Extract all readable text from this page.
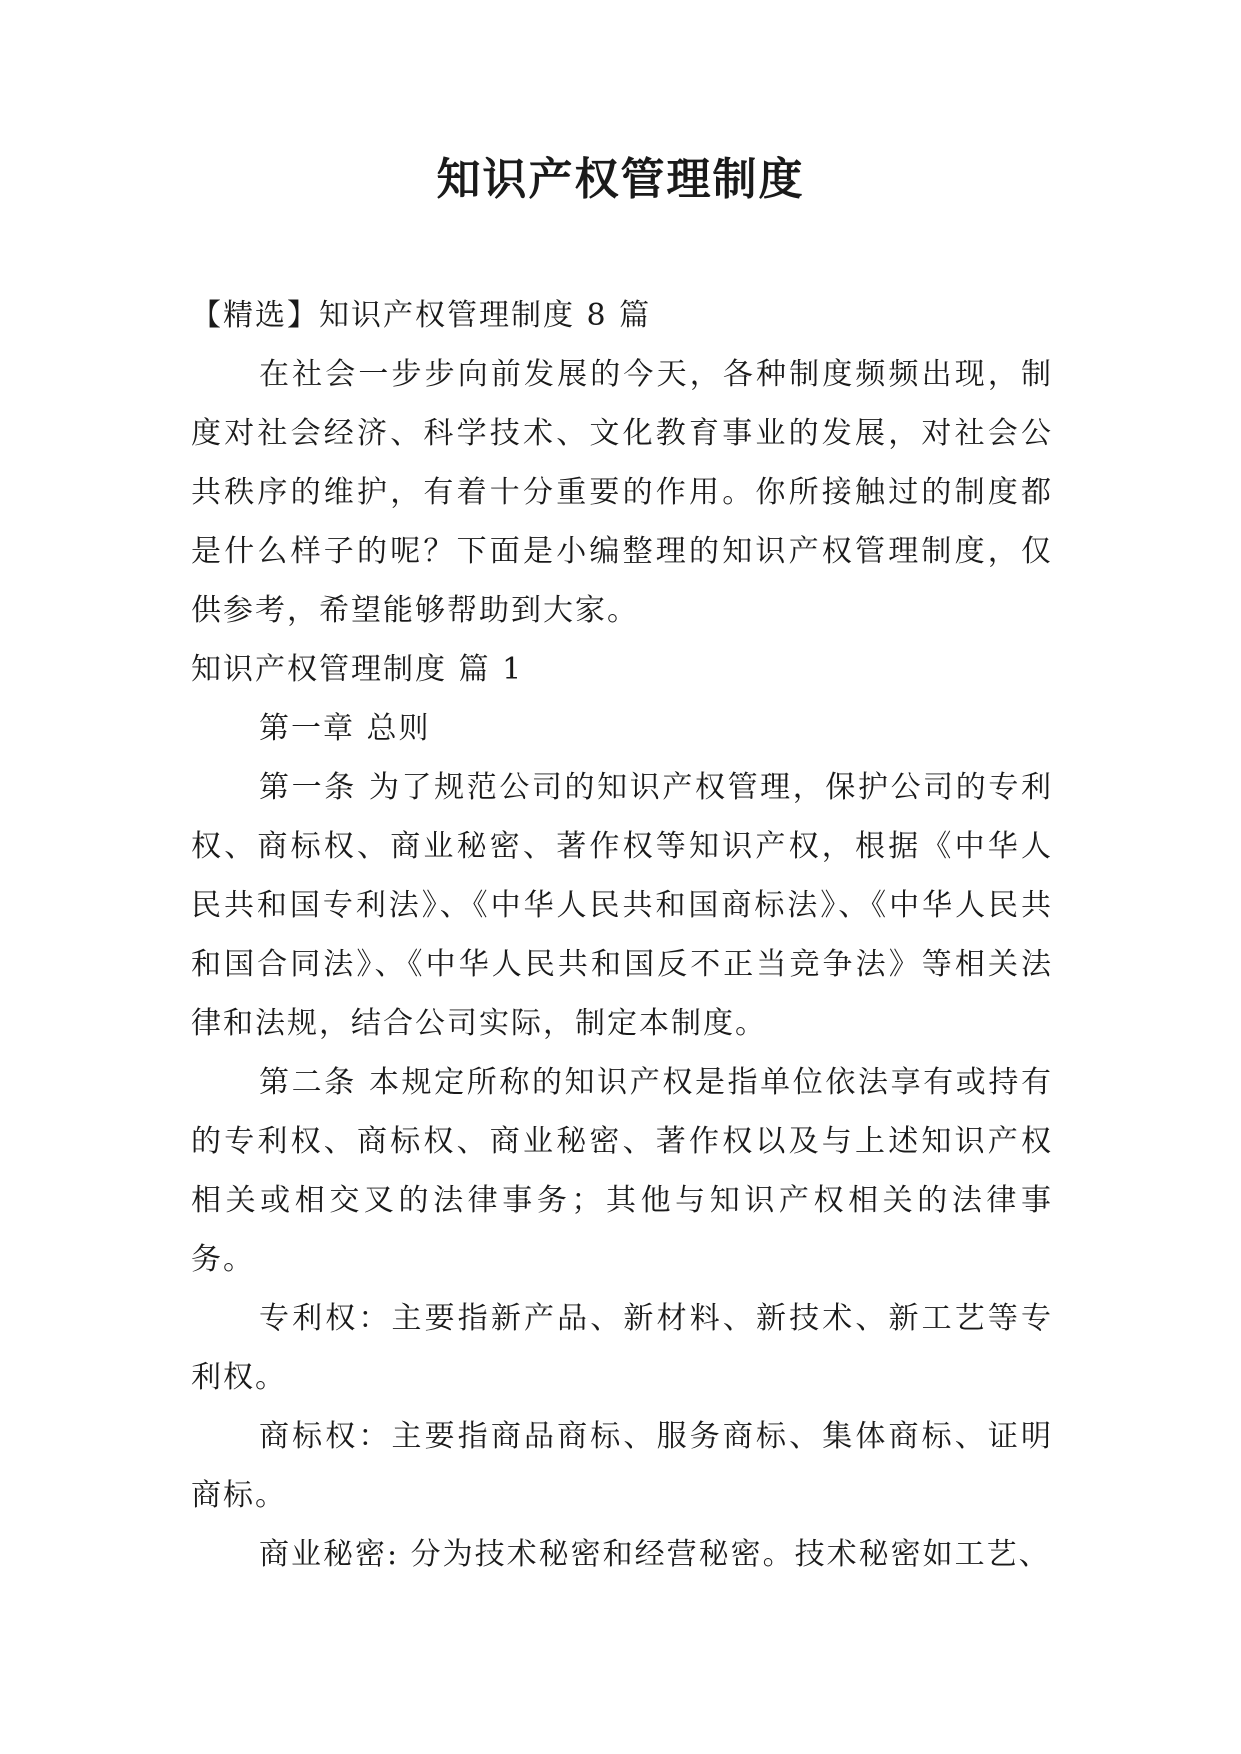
知识产权管理制度

【精选】知识产权管理制度 8 篇

在社会一步步向前发展的今天，各种制度频频出现，制度对社会经济、科学技术、文化教育事业的发展，对社会公共秩序的维护，有着十分重要的作用。你所接触过的制度都是什么样子的呢？下面是小编整理的知识产权管理制度，仅供参考，希望能够帮助到大家。

知识产权管理制度 篇 1

第一章 总则

第一条 为了规范公司的知识产权管理，保护公司的专利权、商标权、商业秘密、著作权等知识产权，根据《中华人民共和国专利法》、《中华人民共和国商标法》、《中华人民共和国合同法》、《中华人民共和国反不正当竞争法》等相关法律和法规，结合公司实际，制定本制度。

第二条 本规定所称的知识产权是指单位依法享有或持有的专利权、商标权、商业秘密、著作权以及与上述知识产权相关或相交叉的法律事务；其他与知识产权相关的法律事务。

专利权：主要指新产品、新材料、新技术、新工艺等专利权。

商标权：主要指商品商标、服务商标、集体商标、证明商标。

商业秘密: 分为技术秘密和经营秘密。技术秘密如工艺、
